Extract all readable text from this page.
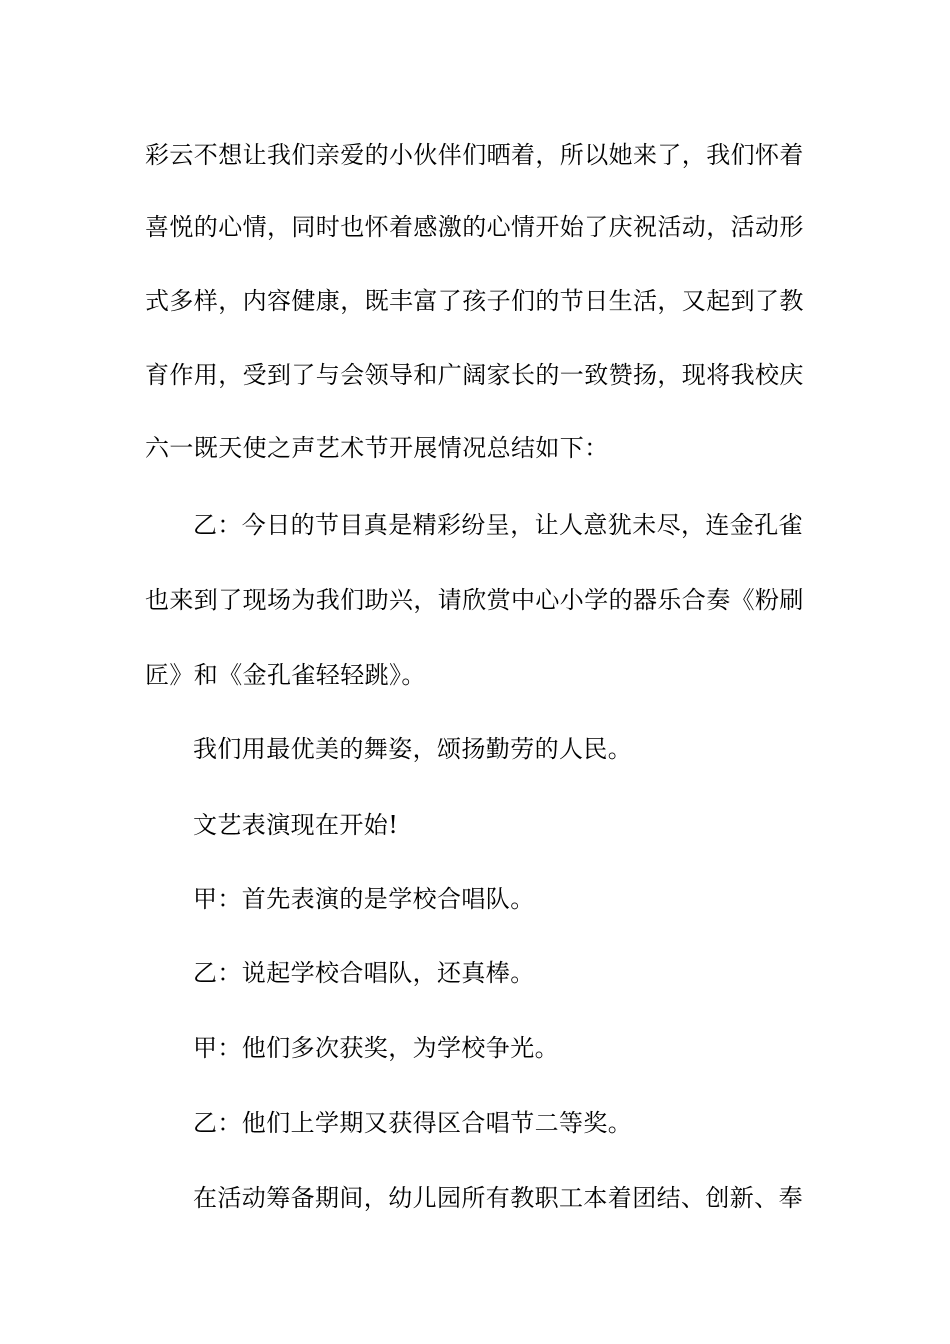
彩云不想让我们亲爱的小伙伴们晒着，所以她来了，我们怀着
喜悦的心情，同时也怀着感激的心情开始了庆祝活动，活动形
式多样，内容健康，既丰富了孩子们的节日生活，又起到了教
育作用，受到了与会领导和广阔家长的一致赞扬，现将我校庆
六一既天使之声艺术节开展情况总结如下：
乙：今日的节目真是精彩纷呈，让人意犹未尽，连金孔雀
也来到了现场为我们助兴，请欣赏中心小学的器乐合奏《粉刷
匠》和《金孔雀轻轻跳》。
我们用最优美的舞姿，颂扬勤劳的人民。
文艺表演现在开始!
甲：首先表演的是学校合唱队。
乙：说起学校合唱队，还真棒。
甲：他们多次获奖，为学校争光。
乙：他们上学期又获得区合唱节二等奖。
在活动筹备期间，幼儿园所有教职工本着团结、创新、奉
